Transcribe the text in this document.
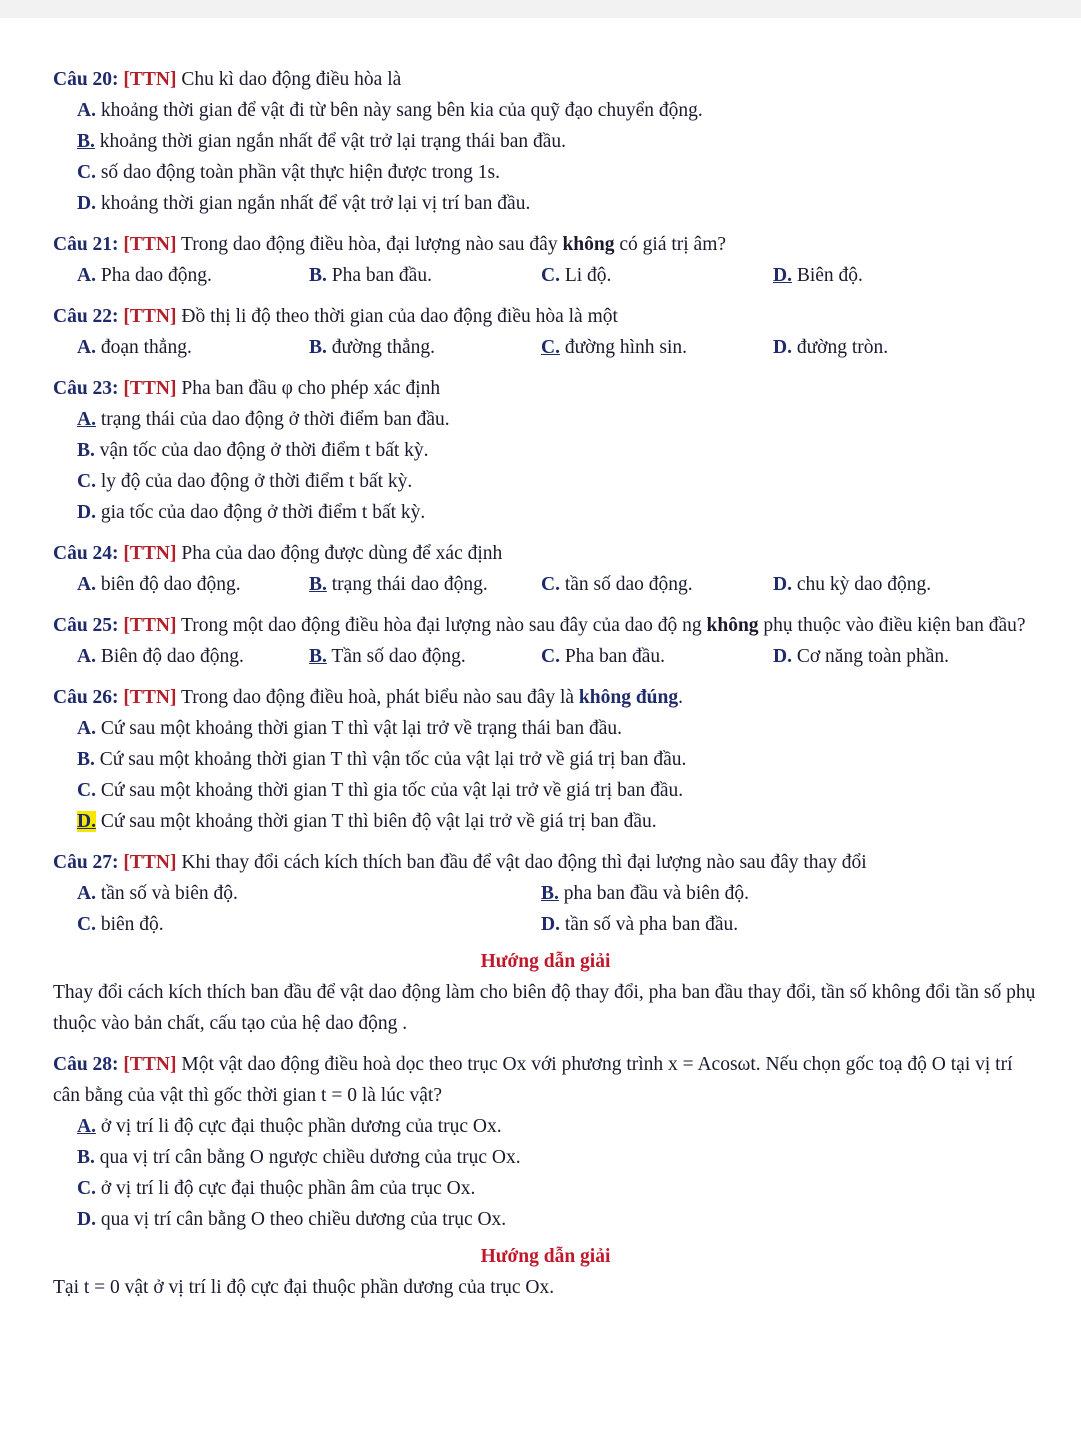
Câu 20: [TTN] Chu kì dao động điều hòa là

A. khoảng thời gian để vật đi từ bên này sang bên kia của quỹ đạo chuyển động.
B. khoảng thời gian ngắn nhất để vật trở lại trạng thái ban đầu.
C. số dao động toàn phần vật thực hiện được trong 1s.
D. khoảng thời gian ngắn nhất để vật trở lại vị trí ban đầu.

Câu 21: [TTN] Trong dao động điều hòa, đại lượng nào sau đây không có giá trị âm?

A. Pha dao động.	B. Pha ban đầu.	C. Li độ.	D. Biên độ.

Câu 22: [TTN] Đồ thị li độ theo thời gian của dao động điều hòa là một

A. đoạn thẳng.	B. đường thẳng.	C. đường hình sin.	D. đường tròn.

Câu 23: [TTN] Pha ban đầu φ cho phép xác định

A. trạng thái của dao động ở thời điểm ban đầu.
B. vận tốc của dao động ở thời điểm t bất kỳ.
C. ly độ của dao động ở thời điểm t bất kỳ.
D. gia tốc của dao động ở thời điểm t bất kỳ.

Câu 24: [TTN] Pha của dao động được dùng để xác định

A. biên độ dao động.	B. trạng thái dao động.	C. tần số dao động.	D. chu kỳ dao động.

Câu 25: [TTN] Trong một dao động điều hòa đại lượng nào sau đây của dao độ ng không phụ thuộc vào điều kiện ban đầu?

A. Biên độ dao động.	B. Tần số dao động.	C. Pha ban đầu.	D. Cơ năng toàn phần.

Câu 26: [TTN] Trong dao động điều hoà, phát biểu nào sau đây là không đúng.

A. Cứ sau một khoảng thời gian T thì vật lại trở về trạng thái ban đầu.
B. Cứ sau một khoảng thời gian T thì vận tốc của vật lại trở về giá trị ban đầu.
C. Cứ sau một khoảng thời gian T thì gia tốc của vật lại trở về giá trị ban đầu.
D. Cứ sau một khoảng thời gian T thì biên độ vật lại trở về giá trị ban đầu.

Câu 27: [TTN] Khi thay đổi cách kích thích ban đầu để vật dao động thì đại lượng nào sau đây thay đổi

A. tần số và biên độ.	B. pha ban đầu và biên độ.
C. biên độ.	D. tần số và pha ban đầu.
Hướng dẫn giải
Thay đổi cách kích thích ban đầu để vật dao động làm cho biên độ thay đổi, pha ban đầu thay đổi, tần số không đổi tần số phụ thuộc vào bản chất, cấu tạo của hệ dao động .

Câu 28: [TTN] Một vật dao động điều hoà dọc theo trục Ox với phương trình x = Acosωt. Nếu chọn gốc toạ độ O tại vị trí cân bằng của vật thì gốc thời gian t = 0 là lúc vật?

A. ở vị trí li độ cực đại thuộc phần dương của trục Ox.
B. qua vị trí cân bằng O ngược chiều dương của trục Ox.
C. ở vị trí li độ cực đại thuộc phần âm của trục Ox.
D. qua vị trí cân bằng O theo chiều dương của trục Ox.
Hướng dẫn giải
Tại t = 0 vật ở vị trí li độ cực đại thuộc phần dương của trục Ox.
